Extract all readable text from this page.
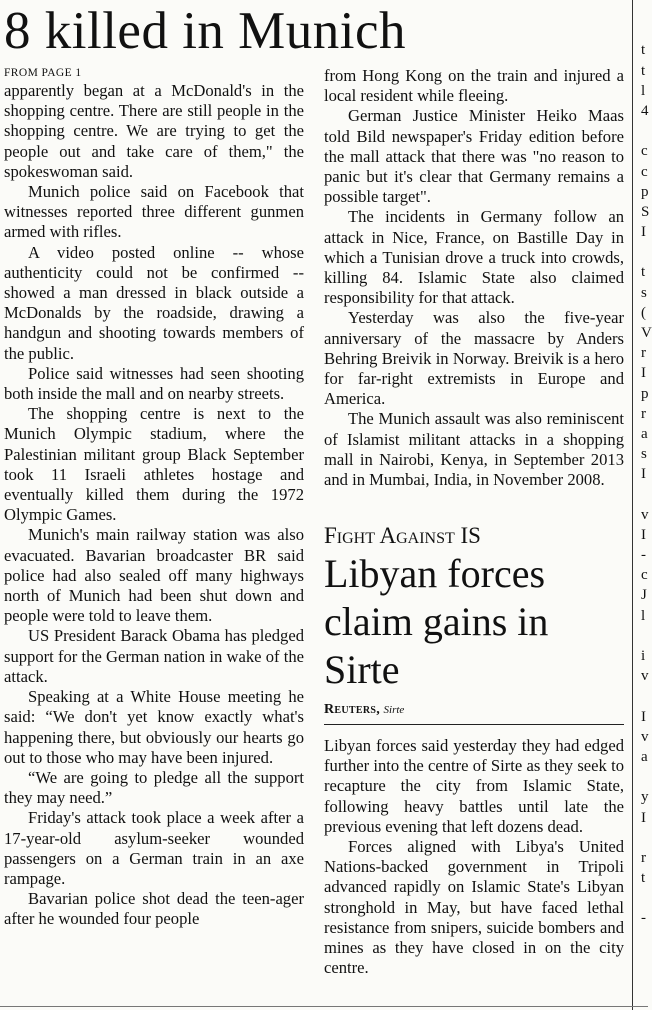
8 killed in Munich
FROM PAGE 1

apparently began at a McDonald's in the shopping centre. There are still people in the shopping centre. We are trying to get the people out and take care of them," the spokeswoman said.

Munich police said on Facebook that witnesses reported three different gunmen armed with rifles.

A video posted online -- whose authenticity could not be confirmed -- showed a man dressed in black outside a McDonalds by the roadside, drawing a handgun and shooting towards members of the public.

Police said witnesses had seen shooting both inside the mall and on nearby streets.

The shopping centre is next to the Munich Olympic stadium, where the Palestinian militant group Black September took 11 Israeli athletes hostage and eventually killed them during the 1972 Olympic Games.

Munich's main railway station was also evacuated. Bavarian broadcaster BR said police had also sealed off many highways north of Munich had been shut down and people were told to leave them.

US President Barack Obama has pledged support for the German nation in wake of the attack.

Speaking at a White House meeting he said: “We don't yet know exactly what's happening there, but obviously our hearts go out to those who may have been injured.

“We are going to pledge all the support they may need.”

Friday's attack took place a week after a 17-year-old asylum-seeker wounded passengers on a German train in an axe rampage.

Bavarian police shot dead the teen-ager after he wounded four people

from Hong Kong on the train and injured a local resident while fleeing.

German Justice Minister Heiko Maas told Bild newspaper's Friday edition before the mall attack that there was "no reason to panic but it's clear that Germany remains a possible target".

The incidents in Germany follow an attack in Nice, France, on Bastille Day in which a Tunisian drove a truck into crowds, killing 84. Islamic State also claimed responsibility for that attack.

Yesterday was also the five-year anniversary of the massacre by Anders Behring Breivik in Norway. Breivik is a hero for far-right extremists in Europe and America.

The Munich assault was also reminiscent of Islamist militant attacks in a shopping mall in Nairobi, Kenya, in September 2013 and in Mumbai, India, in November 2008.

Fight Against IS
Libyan forces claim gains in Sirte
Reuters, Sirte

Libyan forces said yesterday they had edged further into the centre of Sirte as they seek to recapture the city from Islamic State, following heavy battles until late the previous evening that left dozens dead.

Forces aligned with Libya's United Nations-backed government in Tripoli advanced rapidly on Islamic State's Libyan stronghold in May, but have faced lethal resistance from snipers, suicide bombers and mines as they have closed in on the city centre.

t
t
l
4
c
c
p
S
I
t
s
(
V
r
I
p
r
a
s
I
v
I
-
c
J
l
i
v
I
v
a
y
I
r
t
-
